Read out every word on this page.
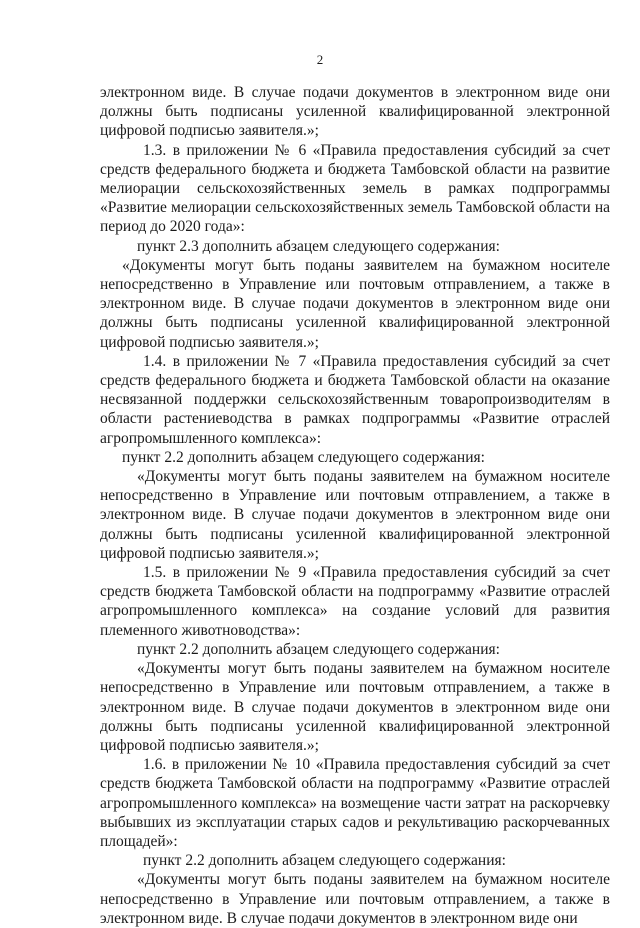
2

электронном виде. В случае подачи документов в электронном виде они должны быть подписаны усиленной квалифицированной электронной цифровой подписью заявителя.»;

1.3. в приложении № 6 «Правила предоставления субсидий за счет средств федерального бюджета и бюджета Тамбовской области на развитие мелиорации сельскохозяйственных земель в рамках подпрограммы «Развитие мелиорации сельскохозяйственных земель Тамбовской области на период до 2020 года»:

пункт 2.3 дополнить абзацем следующего содержания:

«Документы могут быть поданы заявителем на бумажном носителе непосредственно в Управление или почтовым отправлением, а также в электронном виде. В случае подачи документов в электронном виде они должны быть подписаны усиленной квалифицированной электронной цифровой подписью заявителя.»;

1.4. в приложении № 7 «Правила предоставления субсидий за счет средств федерального бюджета и бюджета Тамбовской области на оказание несвязанной поддержки сельскохозяйственным товаропроизводителям в области растениеводства в рамках подпрограммы «Развитие отраслей агропромышленного комплекса»:

пункт 2.2 дополнить абзацем следующего содержания:

«Документы могут быть поданы заявителем на бумажном носителе непосредственно в Управление или почтовым отправлением, а также в электронном виде. В случае подачи документов в электронном виде они должны быть подписаны усиленной квалифицированной электронной цифровой подписью заявителя.»;

1.5. в приложении № 9 «Правила предоставления субсидий за счет средств бюджета Тамбовской области на подпрограмму «Развитие отраслей агропромышленного комплекса» на создание условий для развития племенного животноводства»:

пункт 2.2 дополнить абзацем следующего содержания:

«Документы могут быть поданы заявителем на бумажном носителе непосредственно в Управление или почтовым отправлением, а также в электронном виде. В случае подачи документов в электронном виде они должны быть подписаны усиленной квалифицированной электронной цифровой подписью заявителя.»;

1.6. в приложении № 10 «Правила предоставления субсидий за счет средств бюджета Тамбовской области на подпрограмму «Развитие отраслей агропромышленного комплекса» на возмещение части затрат на раскорчевку выбывших из эксплуатации старых садов и рекультивацию раскорчеванных площадей»:

пункт 2.2 дополнить абзацем следующего содержания:

«Документы могут быть поданы заявителем на бумажном носителе непосредственно в Управление или почтовым отправлением, а также в электронном виде. В случае подачи документов в электронном виде они
